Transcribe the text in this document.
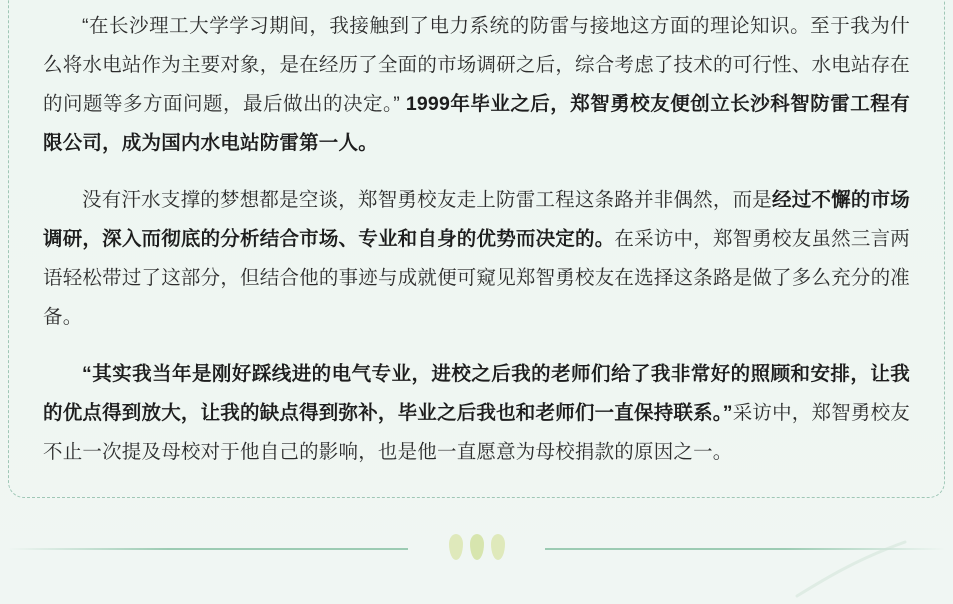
“在长沙理工大学学习期间，我接触到了电力系统的防雷与接地这方面的理论知识。至于我为什么将水电站作为主要对象，是在经历了全面的市场调研之后，综合考虑了技术的可行性、水电站存在的问题等多方面问题，最后做出的决定。” 1999年毕业之后，郑智勇校友便创立长沙科智防雷工程有限公司，成为国内水电站防雷第一人。

没有汗水支撑的梦想都是空谈，郑智勇校友走上防雷工程这条路并非偶然，而是经过不懈的市场调研，深入而彻底的分析结合市场、专业和自身的优势而决定的。在采访中，郑智勇校友虽然三言两语轻松带过了这部分，但结合他的事迹与成就便可窥见郑智勇校友在选择这条路是做了多么充分的准备。

“其实我当年是刚好踩线进的电气专业，进校之后我的老师们给了我非常好的照顾和安排，让我的优点得到放大，让我的缺点得到弥补，毕业之后我也和老师们一直保持联系。”采访中，郑智勇校友不止一次提及母校对于他自己的影响，也是他一直愿意为母校捐款的原因之一。
